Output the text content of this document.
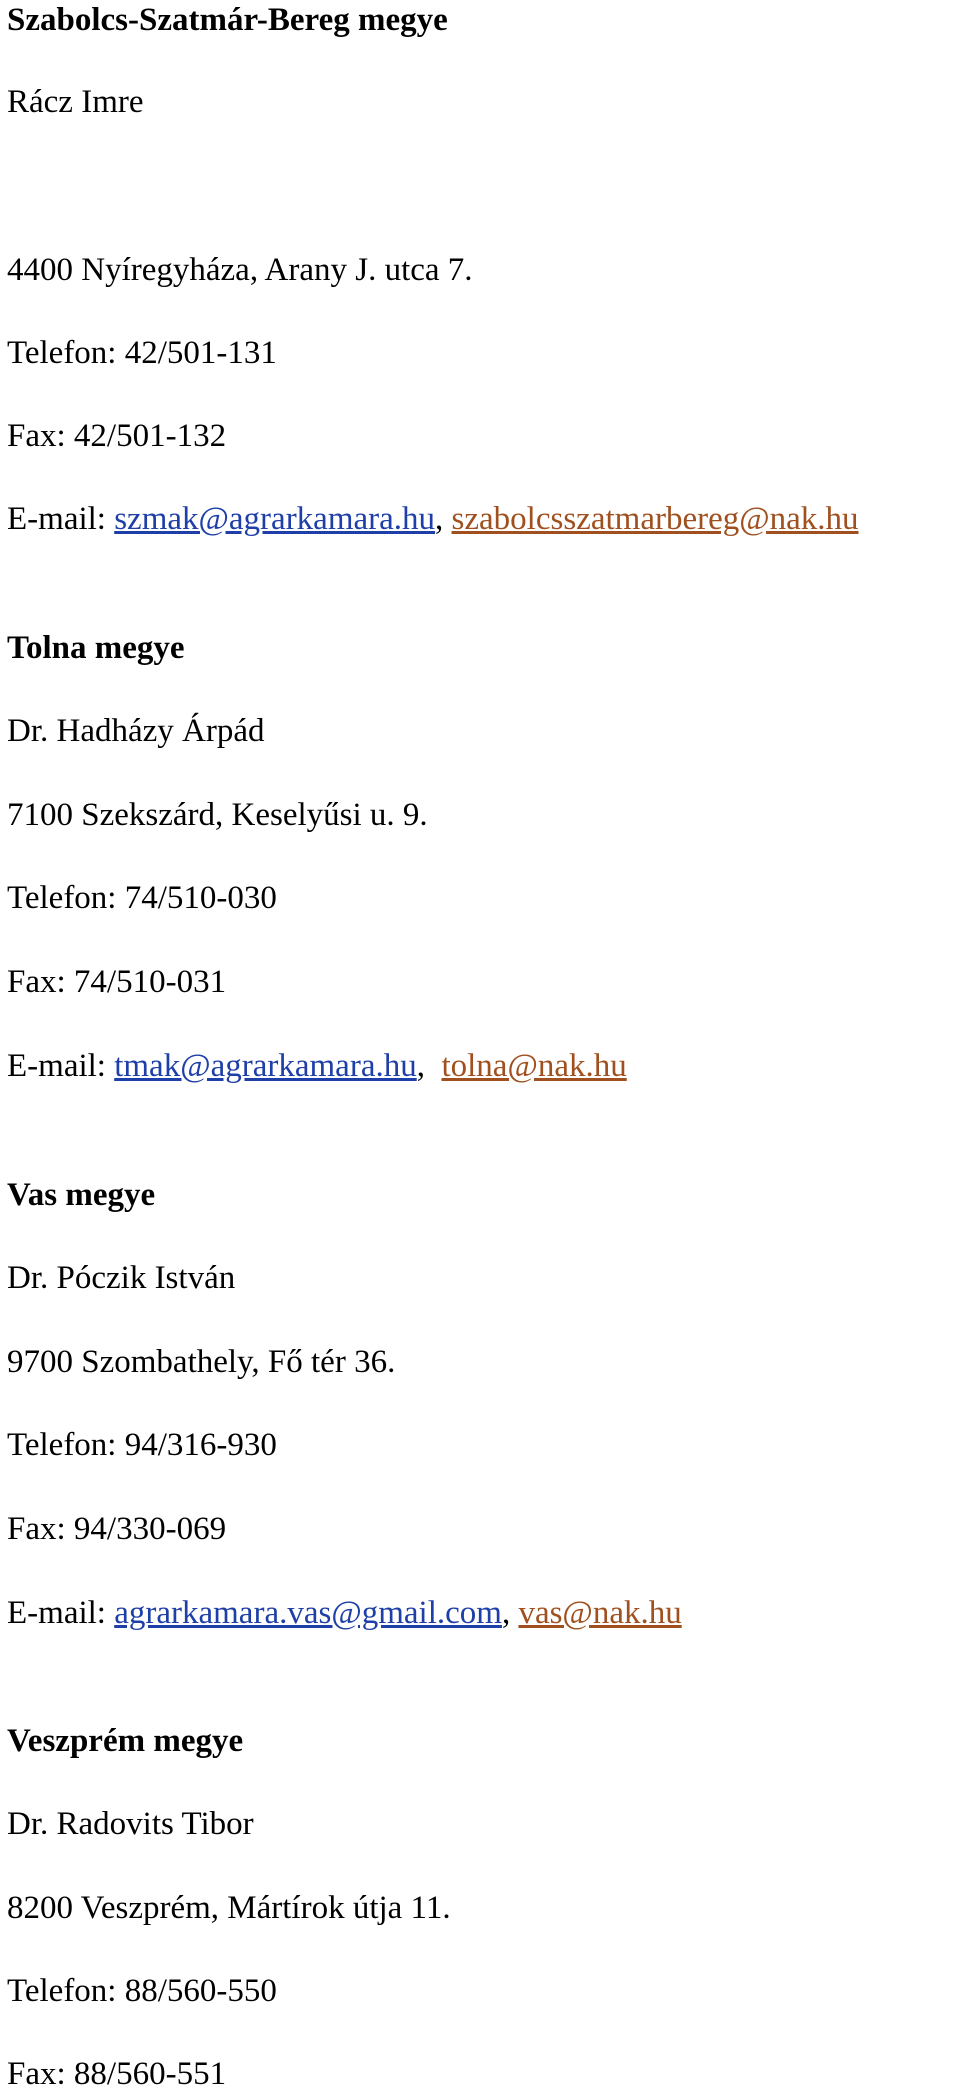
Szabolcs-Szatmár-Bereg megye
Rácz Imre
4400 Nyíregyháza, Arany J. utca 7.
Telefon: 42/501-131
Fax: 42/501-132
E-mail: szmak@agrarkamara.hu, szabolcsszatmarbereg@nak.hu
Tolna megye
Dr. Hadházy Árpád
7100 Szekszárd, Keselyűsi u. 9.
Telefon: 74/510-030
Fax: 74/510-031
E-mail: tmak@agrarkamara.hu,  tolna@nak.hu
Vas megye
Dr. Póczik István
9700 Szombathely, Fő tér 36.
Telefon: 94/316-930
Fax: 94/330-069
E-mail: agrarkamara.vas@gmail.com, vas@nak.hu
Veszprém megye
Dr. Radovits Tibor
8200 Veszprém, Mártírok útja 11.
Telefon: 88/560-550
Fax: 88/560-551
